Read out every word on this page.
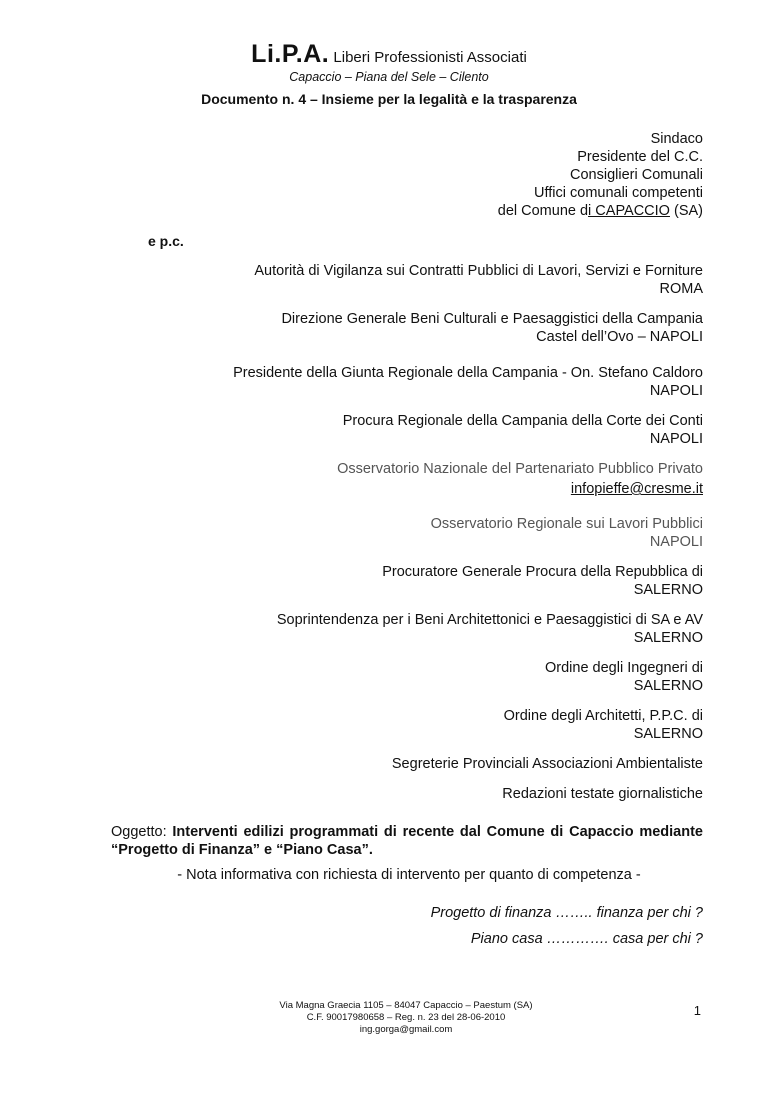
Li.P.A. Liberi Professionisti Associati
Capaccio – Piana del Sele – Cilento
Documento n. 4 – Insieme per la legalità e la trasparenza
Sindaco
Presidente del C.C.
Consiglieri Comunali
Uffici comunali competenti
del Comune di CAPACCIO (SA)
e p.c.
Autorità di Vigilanza sui Contratti Pubblici di Lavori, Servizi e Forniture
ROMA
Direzione Generale Beni Culturali e Paesaggistici della Campania
Castel dell’Ovo – NAPOLI
Presidente della Giunta Regionale della Campania - On. Stefano Caldoro
NAPOLI
Procura Regionale della Campania della Corte dei Conti
NAPOLI
Osservatorio Nazionale del Partenariato Pubblico Privato
infopieffe@cresme.it
Osservatorio Regionale sui Lavori Pubblici
NAPOLI
Procuratore Generale Procura della Repubblica di
SALERNO
Soprintendenza per i Beni Architettonici e Paesaggistici di SA e AV
SALERNO
Ordine degli Ingegneri di
SALERNO
Ordine degli Architetti, P.P.C. di
SALERNO
Segreterie Provinciali Associazioni Ambientaliste
Redazioni testate giornalistiche
Oggetto: Interventi edilizi programmati di recente dal Comune di Capaccio mediante “Progetto di Finanza” e “Piano Casa”.
- Nota informativa con richiesta di intervento per quanto di competenza -
Progetto di finanza …….. finanza per chi ?
Piano casa …………. casa per chi ?
Via Magna Graecia 1105 – 84047 Capaccio – Paestum (SA)
C.F. 90017980658 – Reg. n. 23 del 28-06-2010
ing.gorga@gmail.com
1
